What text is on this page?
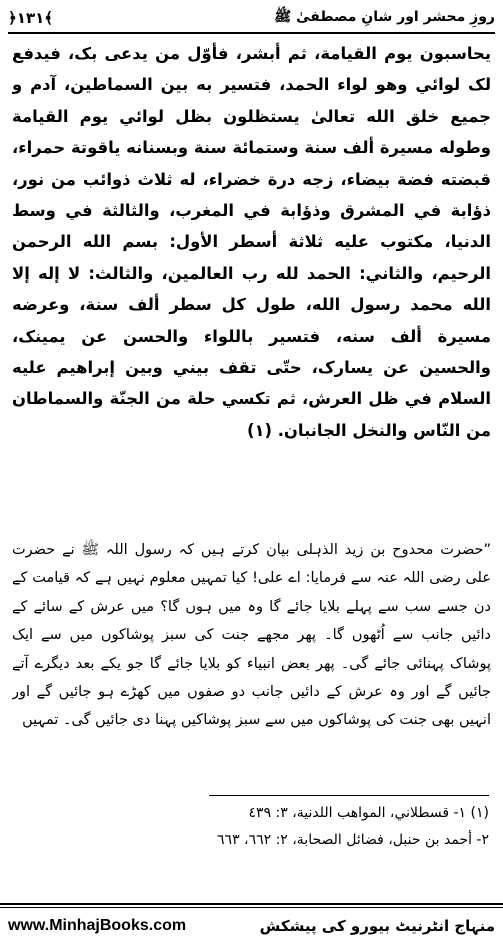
﴿١٣١﴾	روزِ محشر اور شانِ مصطفیٰ ﷺ
يحاسبون يوم القيامة، ثم أبشر، فأوّل من يدعى بک، فيدفع لک لوائي وهو لواء الحمد، فتسير به بين السماطين، آدم و جميع خلق الله تعالىٰ يستظلون بظل لوائي يوم القيامة وطوله مسيرة ألف سنة وستمائة سنة وبسنانه ياقوتة حمراء، قبضته فضة بيضاء، زجه درة خضراء، له ثلاث ذوائب من نور، ذؤابة في المشرق وذؤابة في المغرب، والثالثة في وسط الدنيا، مكتوب عليه ثلاثة أسطر الأول: بسم الله الرحمن الرحيم، والثاني: الحمد لله رب العالمين، والثالث: لا إله إلا الله محمد رسول الله، طول كل سطر ألف سنة، وعرضه مسيرة ألف سنه، فتسير باللواء والحسن عن يمينک، والحسين عن يسارک، حتّى تقف بيني وبين إبراهيم عليه السلام في ظل العرش، ثم تكسي حلة من الجنّة والسماطان من النّاس والنخل الجانبان. (١)
”حضرت محدوح بن زید الذہلی بیان کرتے ہیں کہ رسول اللہ ﷺ نے حضرت علی رضی اللہ عنہ سے فرمایا: اے علی! کیا تمہیں معلوم نہیں ہے کہ قیامت کے دن جسے سب سے پہلے بلایا جائے گا وہ میں ہوں گا؟ میں عرش کے سائے کے دائیں جانب سے اُٹھوں گا۔ پھر مجھے جنت کی سبز پوشاکوں میں سے ایک پوشاک پہنائی جائے گی۔ پھر بعض انبیاء کو بلایا جائے گا جو یکے بعد دیگرے آتے جائیں گے اور وہ عرش کے دائیں جانب دو صفوں میں کھڑے ہو جائیں گے اور انہیں بھی جنت کی پوشاکوں میں سے سبز پوشاکیں پہنا دی جائیں گی۔ تمہیں
(١) ١- قسطلاني، المواهب اللدنية، ٣: ٤٣٩
٢- أحمد بن حنبل، فضائل الصحابة، ٢: ٦٦٢، ٦٦٣
www.MinhajBooks.com	منہاج انٹرنیٹ بیورو کی پیشکش
